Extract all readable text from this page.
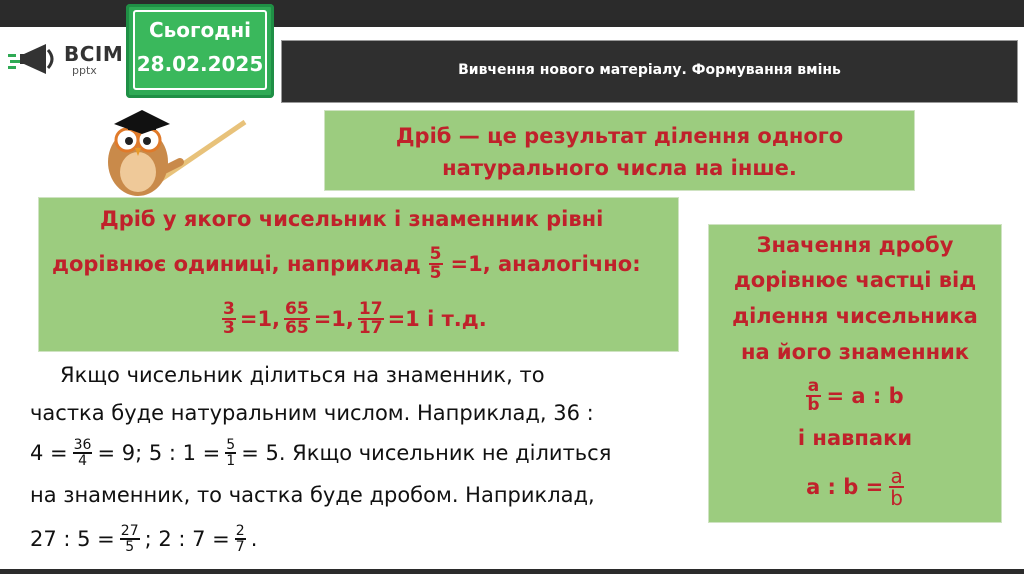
ВСІМ
pptx
Сьогодні
28.02.2025	Вивчення нового матеріалу. Формування вмінь
Дріб — це результат ділення одного
натурального числа на інше.
Дріб у якого чисельник і знаменник рівні
дорівнює одиниці, наприклад $\frac{5}{5} =1$, аналогічно:
$\frac{3}{3} =1$, $\frac{65}{65} =1$, $\frac{17}{17} =1$ і т.д.
Значення дробу
дорівнює частці від
ділення чисельника
на його знаменник
$\frac{a}{b} = a$ : b
і навпаки
a : $b = \frac{a}{b}$
Якщо чисельник ділиться на знаменник, то
частка буде натуральним числом. Наприклад, 36 :
$4 = \frac{36}{4} = 9$; 5 : $1 = \frac{5}{1} = 5$. Якщо чисельник не ділиться
на знаменник, то частка буде дробом. Наприклад,
27 : $5 = \frac{27}{5}$ ; 2 : $7 = \frac{2}{7}$ .
